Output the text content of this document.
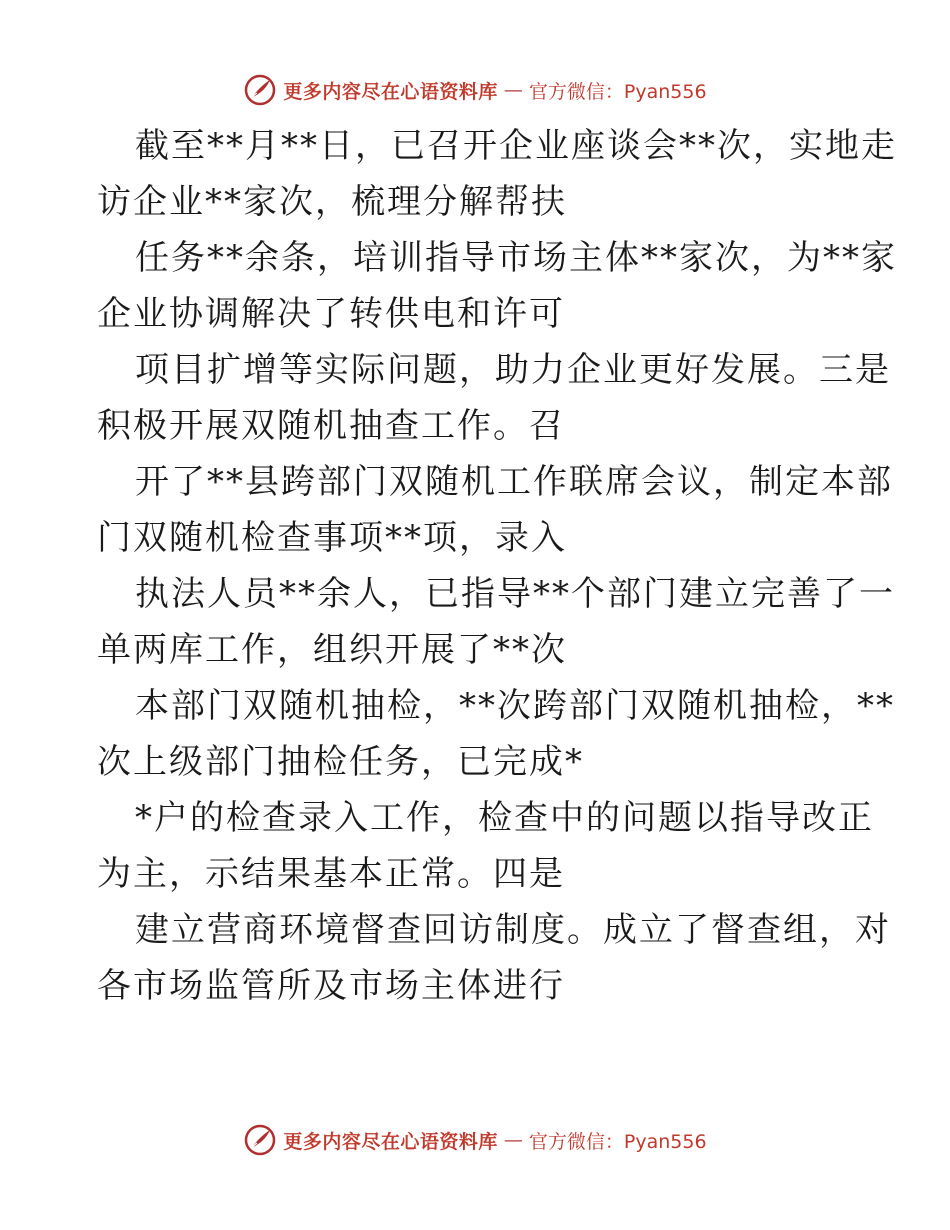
更多内容尽在心语资料库 — 官方微信：Pyan556
截至**月**日，已召开企业座谈会**次，实地走
访企业**家次，梳理分解帮扶
任务**余条，培训指导市场主体**家次，为**家
企业协调解决了转供电和许可
项目扩增等实际问题，助力企业更好发展。三是
积极开展双随机抽查工作。召
开了**县跨部门双随机工作联席会议，制定本部
门双随机检查事项**项，录入
执法人员**余人，已指导**个部门建立完善了一
单两库工作，组织开展了**次
本部门双随机抽检，**次跨部门双随机抽检，**
次上级部门抽检任务，已完成*
*户的检查录入工作，检查中的问题以指导改正
为主，示结果基本正常。四是
建立营商环境督查回访制度。成立了督查组，对
各市场监管所及市场主体进行
更多内容尽在心语资料库 — 官方微信：Pyan556
